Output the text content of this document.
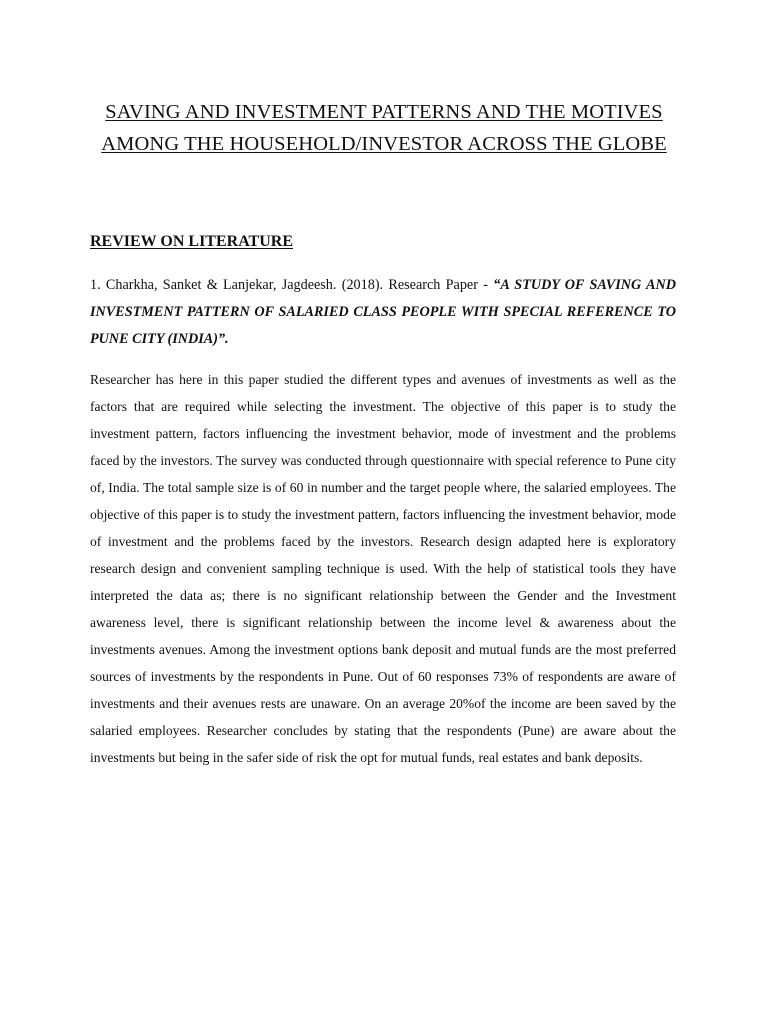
SAVING AND INVESTMENT PATTERNS AND THE MOTIVES AMONG THE HOUSEHOLD/INVESTOR ACROSS THE GLOBE
REVIEW ON LITERATURE

1. Charkha, Sanket & Lanjekar, Jagdeesh. (2018). Research Paper - “A STUDY OF SAVING AND INVESTMENT PATTERN OF SALARIED CLASS PEOPLE WITH SPECIAL REFERENCE TO PUNE CITY (INDIA)”.

Researcher has here in this paper studied the different types and avenues of investments as well as the factors that are required while selecting the investment. The objective of this paper is to study the investment pattern, factors influencing the investment behavior, mode of investment and the problems faced by the investors. The survey was conducted through questionnaire with special reference to Pune city of, India. The total sample size is of 60 in number and the target people where, the salaried employees. The objective of this paper is to study the investment pattern, factors influencing the investment behavior, mode of investment and the problems faced by the investors. Research design adapted here is exploratory research design and convenient sampling technique is used. With the help of statistical tools they have interpreted the data as; there is no significant relationship between the Gender and the Investment awareness level, there is significant relationship between the income level & awareness about the investments avenues. Among the investment options bank deposit and mutual funds are the most preferred sources of investments by the respondents in Pune. Out of 60 responses 73% of respondents are aware of investments and their avenues rests are unaware. On an average 20%of the income are been saved by the salaried employees. Researcher concludes by stating that the respondents (Pune) are aware about the investments but being in the safer side of risk the opt for mutual funds, real estates and bank deposits.
